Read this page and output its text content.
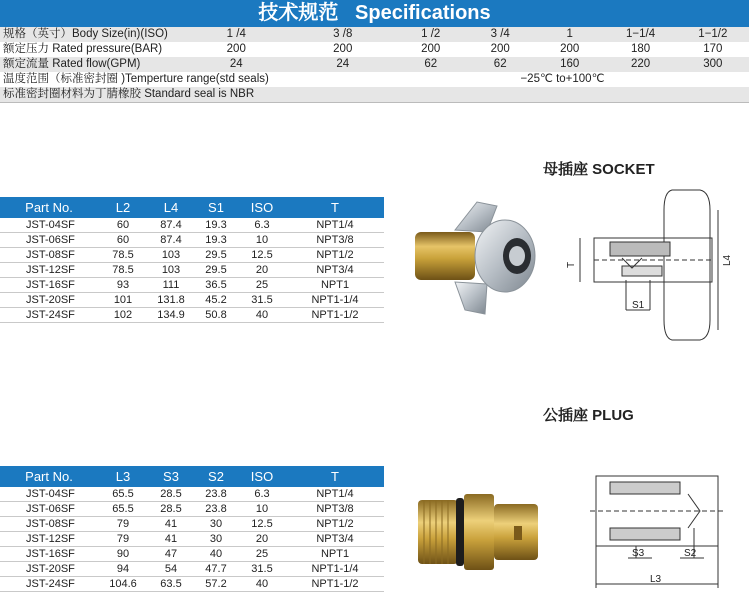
技术规范 Specifications
规格（英寸）Body Size(in)(ISO)	1 /4	3 /8	1 /2	3 /4	1	1−1/4	1−1/2
额定压力 Rated pressure(BAR)	200	200	200	200	200	180	170
额定流量 Rated flow(GPM)	24	24	62	62	160	220	300
温度范围（标准密封圈 )Temperture range(std seals)			−25℃ to+100℃				
标准密封圈材料为丁腈橡胶 Standard seal is NBR							
母插座 SOCKET
Part No.	L2	L4	S1	ISO	T
JST-04SF	60	87.4	19.3	6.3	NPT1/4
JST-06SF	60	87.4	19.3	10	NPT3/8
JST-08SF	78.5	103	29.5	12.5	NPT1/2
JST-12SF	78.5	103	29.5	20	NPT3/4
JST-16SF	93	111	36.5	25	NPT1
JST-20SF	101	131.8	45.2	31.5	NPT1-1/4
JST-24SF	102	134.9	50.8	40	NPT1-1/2
S1
L4
T
公插座 PLUG
Part No.	L3	S3	S2	ISO	T
JST-04SF	65.5	28.5	23.8	6.3	NPT1/4
JST-06SF	65.5	28.5	23.8	10	NPT3/8
JST-08SF	79	41	30	12.5	NPT1/2
JST-12SF	79	41	30	20	NPT3/4
JST-16SF	90	47	40	25	NPT1
JST-20SF	94	54	47.7	31.5	NPT1-1/4
JST-24SF	104.6	63.5	57.2	40	NPT1-1/2
S3	S2
L3
